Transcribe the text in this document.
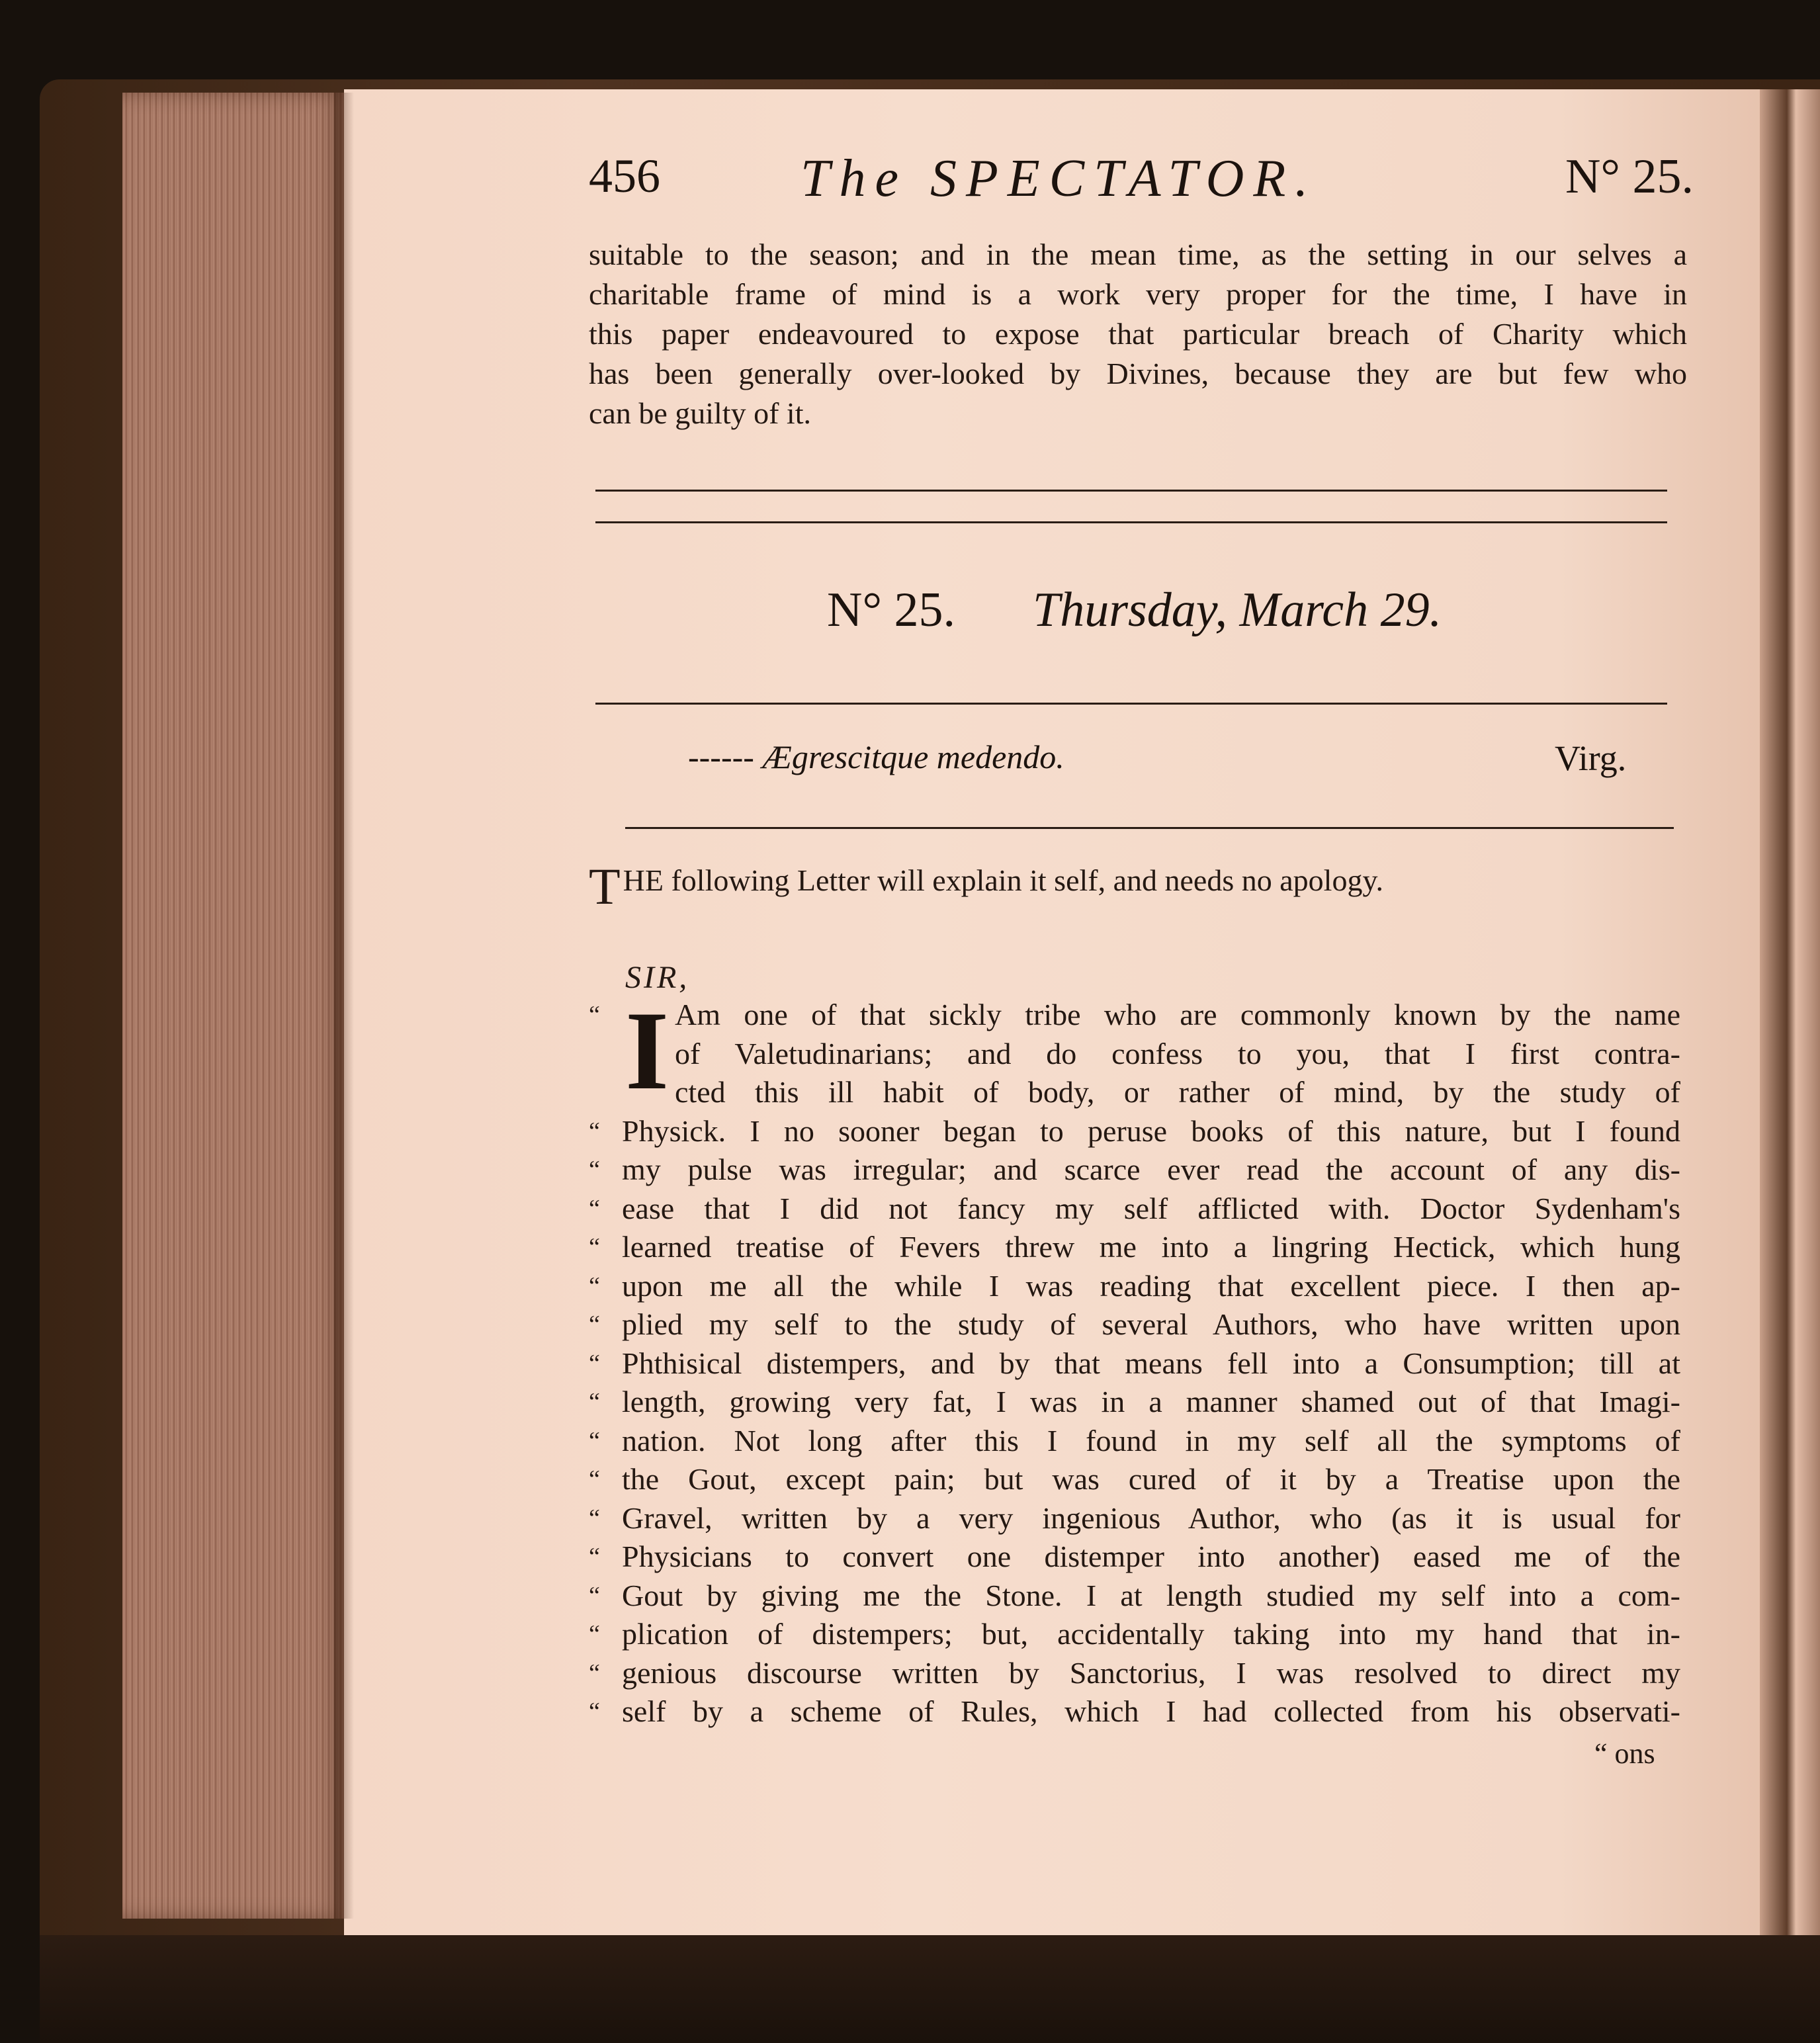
456	The SPECTATOR.	N° 25.
suitable to the season; and in the mean time, as the setting in our selves a
charitable frame of mind is a work very proper for the time, I have in
this paper endeavoured to expose that particular breach of Charity which
has been generally over-looked by Divines, because they are but few who
can be guilty of it.
N° 25. Thursday, March 29.
------ Ægrescitque medendo.	Virg.
THE following Letter will explain it self, and needs no apology.
SIR,
I
“ Am one of that sickly tribe who are commonly known by the name
of Valetudinarians; and do confess to you, that I first contra-
cted this ill habit of body, or rather of mind, by the study of
“ Physick. I no sooner began to peruse books of this nature, but I found
“ my pulse was irregular; and scarce ever read the account of any dis-
“ ease that I did not fancy my self afflicted with. Doctor Sydenham's
“ learned treatise of Fevers threw me into a lingring Hectick, which hung
“ upon me all the while I was reading that excellent piece. I then ap-
“ plied my self to the study of several Authors, who have written upon
“ Phthisical distempers, and by that means fell into a Consumption; till at
“ length, growing very fat, I was in a manner shamed out of that Imagi-
“ nation. Not long after this I found in my self all the symptoms of
“ the Gout, except pain; but was cured of it by a Treatise upon the
“ Gravel, written by a very ingenious Author, who (as it is usual for
“ Physicians to convert one distemper into another) eased me of the
“ Gout by giving me the Stone. I at length studied my self into a com-
“ plication of distempers; but, accidentally taking into my hand that in-
“ genious discourse written by Sanctorius, I was resolved to direct my
“ self by a scheme of Rules, which I had collected from his observati-
“ ons
